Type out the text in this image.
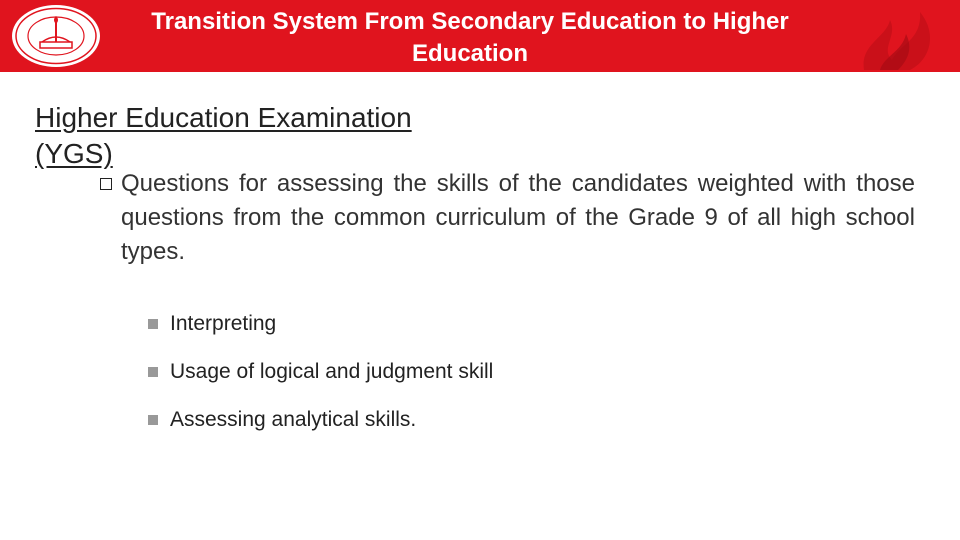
Transition System From Secondary Education to Higher Education
Higher Education Examination (YGS)
Questions for assessing the skills of the candidates weighted with those questions from the common curriculum of the Grade 9 of all high school types.
Interpreting
Usage of logical and judgment skill
Assessing analytical skills.
